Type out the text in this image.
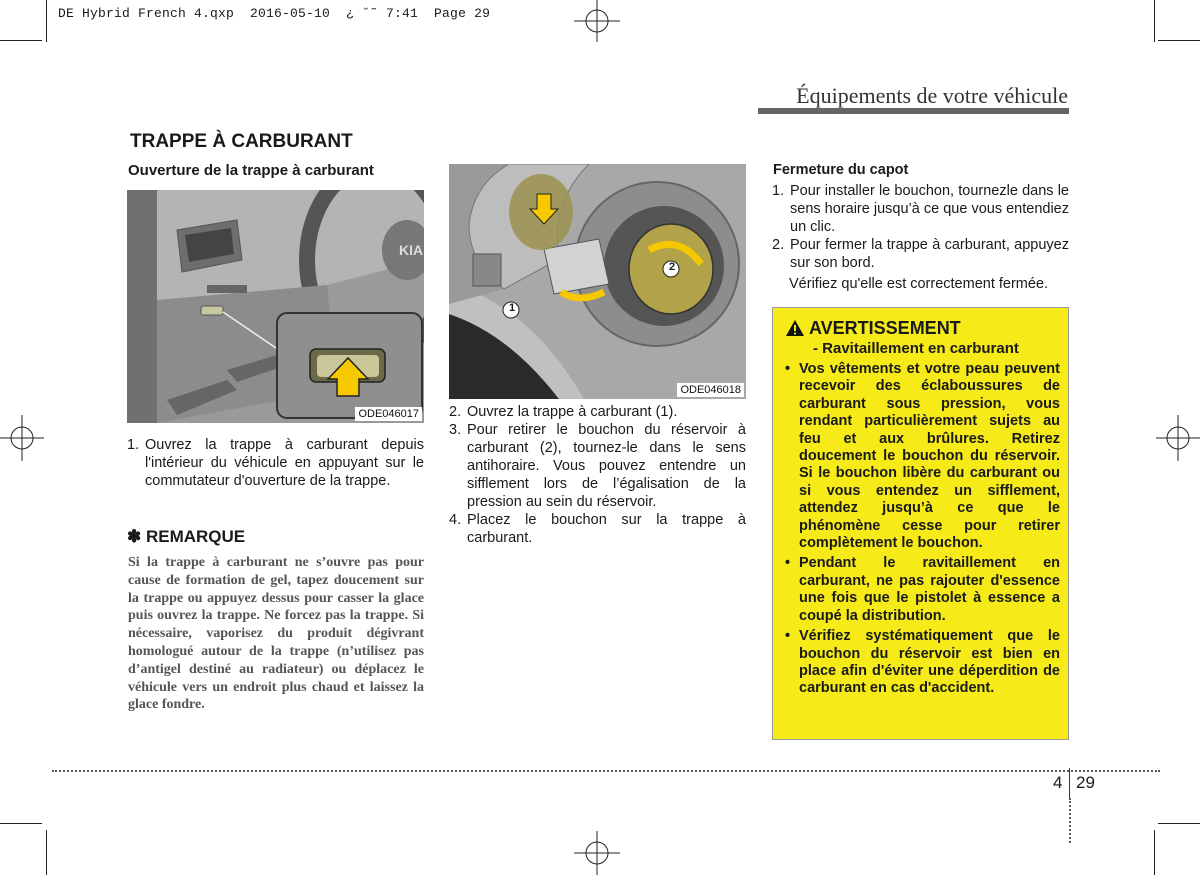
DE Hybrid French 4.qxp  2016-05-10  ¿ ˘˜ 7:41  Page 29
Équipements de votre véhicule
TRAPPE À CARBURANT
Ouverture de la trappe à carburant
KIA
ODE046017
1
2
ODE046018
1. Ouvrez la trappe à carburant depuis l'intérieur du véhicule en appuyant sur le commutateur d'ouverture de la trappe.
2. Ouvrez la trappe à carburant (1).
3. Pour retirer le bouchon du réservoir à carburant (2), tournez-le dans le sens antihoraire. Vous pouvez entendre un sifflement lors de l’égalisation de la pression au sein du réservoir.
4. Placez le bouchon sur la trappe à carburant.
✽ REMARQUE
Si la trappe à carburant ne s’ouvre pas pour cause de formation de gel, tapez doucement sur la trappe ou appuyez dessus pour casser la glace puis ouvrez la trappe. Ne forcez pas la trappe. Si nécessaire, vaporisez du produit dégivrant homologué autour de la trappe (n’utilisez pas d’antigel destiné au radiateur) ou déplacez le véhicule vers un endroit plus chaud et laissez la glace fondre.
Fermeture du capot
1. Pour installer le bouchon, tournezle dans le sens horaire jusqu’à ce que vous entendiez un clic.
2. Pour fermer la trappe à carburant, appuyez sur son bord.
Vérifiez qu'elle est correctement fermée.
AVERTISSEMENT
- Ravitaillement en carburant
• Vos vêtements et votre peau peuvent recevoir des éclaboussures de carburant sous pression, vous rendant particulièrement sujets au feu et aux brûlures. Retirez doucement le bouchon du réservoir. Si le bouchon libère du carburant ou si vous entendez un sifflement, attendez jusqu’à ce que le phénomène cesse pour retirer complètement le bouchon.
• Pendant le ravitaillement en carburant, ne pas rajouter d'essence une fois que le pistolet à essence a coupé la distribution.
• Vérifiez systématiquement que le bouchon du réservoir est bien en place afin d'éviter une déperdition de carburant en cas d'accident.
4 29
